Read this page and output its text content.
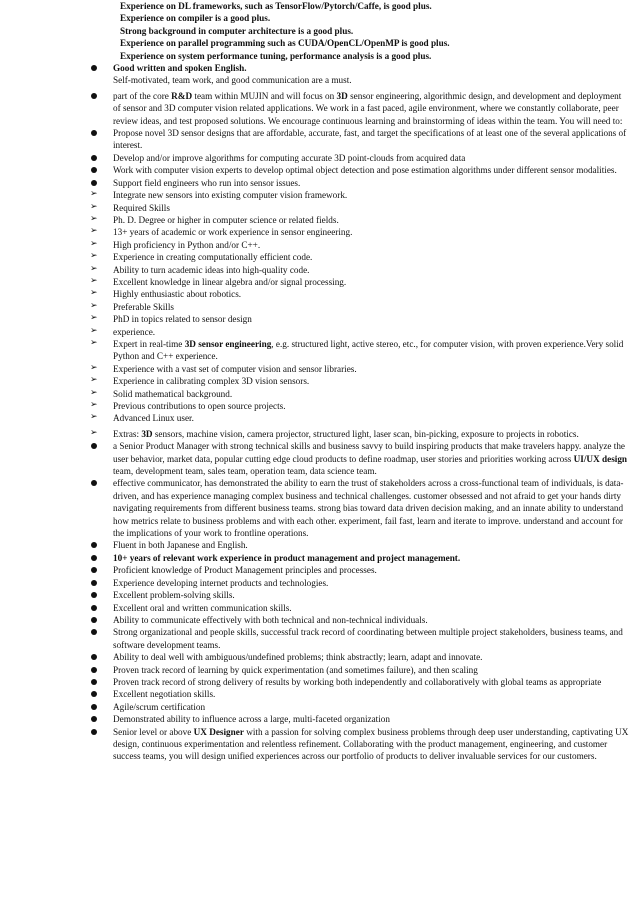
Experience on DL frameworks, such as TensorFlow/Pytorch/Caffe, is good plus.
Experience on compiler is a good plus.
Strong background in computer architecture is a good plus.
Experience on parallel programming such as CUDA/OpenCL/OpenMP is good plus.
Experience on system performance tuning, performance analysis is a good plus.
Good written and spoken English.
Self-motivated, team work, and good communication are a must.
part of the core R&D team within MUJIN and will focus on 3D sensor engineering, algorithmic design, and development and deployment of sensor and 3D computer vision related applications. We work in a fast paced, agile environment, where we constantly collaborate, peer review ideas, and test proposed solutions. We encourage continuous learning and brainstorming of ideas within the team. You will need to:
Propose novel 3D sensor designs that are affordable, accurate, fast, and target the specifications of at least one of the several applications of interest.
Develop and/or improve algorithms for computing accurate 3D point-clouds from acquired data
Work with computer vision experts to develop optimal object detection and pose estimation algorithms under different sensor modalities.
Support field engineers who run into sensor issues.
➢
Integrate new sensors into existing computer vision framework.
➢
Required Skills
➢
Ph. D. Degree or higher in computer science or related fields.
➢
13+ years of academic or work experience in sensor engineering.
➢
High proficiency in Python and/or C++.
➢
Experience in creating computationally efficient code.
➢
Ability to turn academic ideas into high-quality code.
➢
Excellent knowledge in linear algebra and/or signal processing.
➢
Highly enthusiastic about robotics.
➢
Preferable Skills
➢
PhD in topics related to sensor design
➢
experience.
➢
Expert in real-time 3D sensor engineering, e.g. structured light, active stereo, etc., for computer vision, with proven experience.Very solid Python and C++ experience.
➢
Experience with a vast set of computer vision and sensor libraries.
➢
Experience in calibrating complex 3D vision sensors.
➢
Solid mathematical background.
➢
Previous contributions to open source projects.
➢
Advanced Linux user.
➢
Extras: 3D sensors, machine vision, camera projector, structured light, laser scan, bin-picking, exposure to projects in robotics.
a Senior Product Manager with strong technical skills and business savvy to build inspiring products that make travelers happy. analyze the user behavior, market data, popular cutting edge cloud products to define roadmap, user stories and priorities working across UI/UX design team, development team, sales team, operation team, data science team.
effective communicator, has demonstrated the ability to earn the trust of stakeholders across a cross-functional team of individuals, is data-driven, and has experience managing complex business and technical challenges. customer obsessed and not afraid to get your hands dirty navigating requirements from different business teams. strong bias toward data driven decision making, and an innate ability to understand how metrics relate to business problems and with each other. experiment, fail fast, learn and iterate to improve. understand and account for the implications of your work to frontline operations.
Fluent in both Japanese and English.
10+ years of relevant work experience in product management and project management.
Proficient knowledge of Product Management principles and processes.
Experience developing internet products and technologies.
Excellent problem-solving skills.
Excellent oral and written communication skills.
Ability to communicate effectively with both technical and non-technical individuals.
Strong organizational and people skills, successful track record of coordinating between multiple project stakeholders, business teams, and software development teams.
Ability to deal well with ambiguous/undefined problems; think abstractly; learn, adapt and innovate.
Proven track record of learning by quick experimentation (and sometimes failure), and then scaling
Proven track record of strong delivery of results by working both independently and collaboratively with global teams as appropriate
Excellent negotiation skills.
Agile/scrum certification
Demonstrated ability to influence across a large, multi-faceted organization
Senior level or above UX Designer with a passion for solving complex business problems through deep user understanding, captivating UX design, continuous experimentation and relentless refinement. Collaborating with the product management, engineering, and customer success teams, you will design unified experiences across our portfolio of products to deliver invaluable services for our customers.
